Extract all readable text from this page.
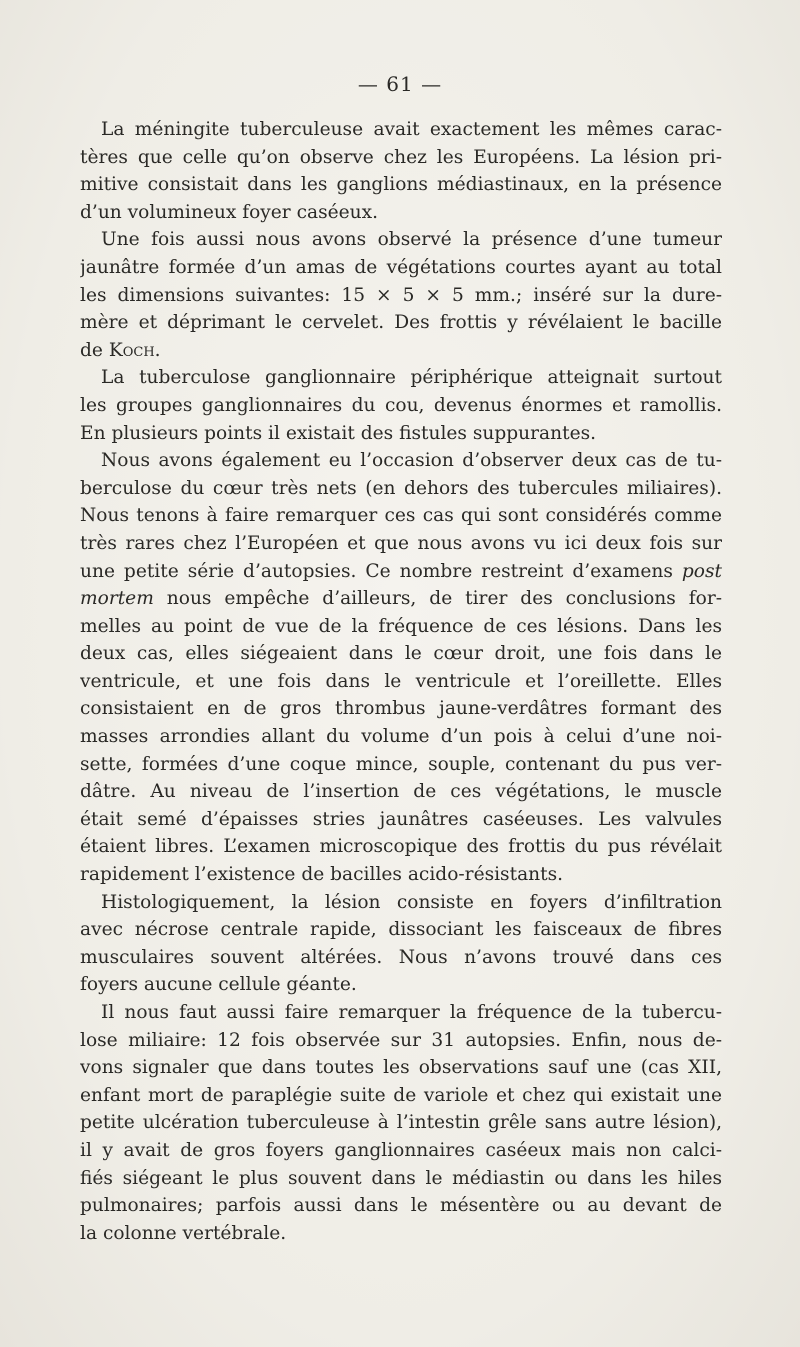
— 61 —
La méningite tuberculeuse avait exactement les mêmes carac-
tères que celle qu’on observe chez les Européens. La lésion pri-
mitive consistait dans les ganglions médiastinaux, en la présence
d’un volumineux foyer caséeux.
Une fois aussi nous avons observé la présence d’une tumeur
jaunâtre formée d’un amas de végétations courtes ayant au total
les dimensions suivantes: 15 × 5 × 5 mm.; inséré sur la dure-
mère et déprimant le cervelet. Des frottis y révélaient le bacille
de Koch.
La tuberculose ganglionnaire périphérique atteignait surtout
les groupes ganglionnaires du cou, devenus énormes et ramollis.
En plusieurs points il existait des fistules suppurantes.
Nous avons également eu l’occasion d’observer deux cas de tu-
berculose du cœur très nets (en dehors des tubercules miliaires).
Nous tenons à faire remarquer ces cas qui sont considérés comme
très rares chez l’Européen et que nous avons vu ici deux fois sur
une petite série d’autopsies. Ce nombre restreint d’examens post
mortem nous empêche d’ailleurs, de tirer des conclusions for-
melles au point de vue de la fréquence de ces lésions. Dans les
deux cas, elles siégeaient dans le cœur droit, une fois dans le
ventricule, et une fois dans le ventricule et l’oreillette. Elles
consistaient en de gros thrombus jaune-verdâtres formant des
masses arrondies allant du volume d’un pois à celui d’une noi-
sette, formées d’une coque mince, souple, contenant du pus ver-
dâtre. Au niveau de l’insertion de ces végétations, le muscle
était semé d’épaisses stries jaunâtres caséeuses. Les valvules
étaient libres. L’examen microscopique des frottis du pus révélait
rapidement l’existence de bacilles acido-résistants.
Histologiquement, la lésion consiste en foyers d’infiltration
avec nécrose centrale rapide, dissociant les faisceaux de fibres
musculaires souvent altérées. Nous n’avons trouvé dans ces
foyers aucune cellule géante.
Il nous faut aussi faire remarquer la fréquence de la tubercu-
lose miliaire: 12 fois observée sur 31 autopsies. Enfin, nous de-
vons signaler que dans toutes les observations sauf une (cas XII,
enfant mort de paraplégie suite de variole et chez qui existait une
petite ulcération tuberculeuse à l’intestin grêle sans autre lésion),
il y avait de gros foyers ganglionnaires caséeux mais non calci-
fiés siégeant le plus souvent dans le médiastin ou dans les hiles
pulmonaires; parfois aussi dans le mésentère ou au devant de
la colonne vertébrale.
